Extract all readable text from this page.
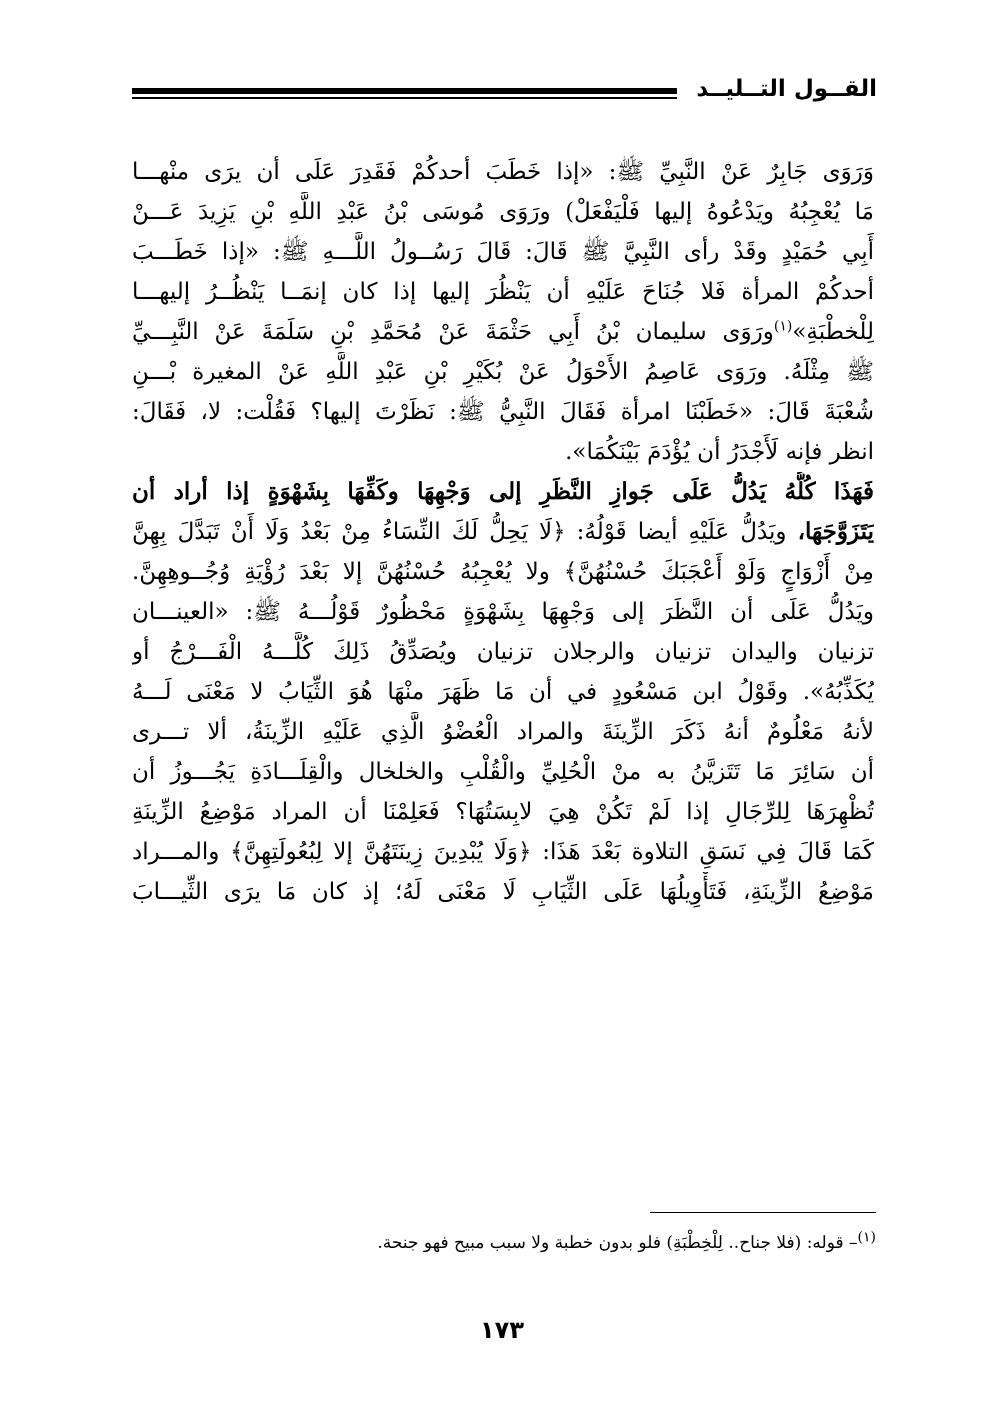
القــول التــليــد
وَرَوَى جَابِرٌ عَنْ النَّبِيِّ ﷺ: «إذا خَطَبَ أحدكُمْ فَقَدِرَ عَلَى أن يرَى منْهـــا
مَا يُعْجِبُهُ ويَدْعُوهُ إليها فَلْيَفْعَلْ) ورَوَى مُوسَى بْنُ عَبْدِ اللَّهِ بْنِ يَزِيدَ عَـــنْ
أَبِي حُمَيْدٍ وقَدْ رأى النَّبِيَّ ﷺ قَالَ: قَالَ رَسُــولُ اللَّـــهِ ﷺ: «إذا خَطَـــبَ
أحدكُمْ المرأة فَلا جُنَاحَ عَلَيْهِ أن يَنْظُرَ إليها إذا كان إنمَــا يَنْظُــرُ إليهـــا
لِلْخطْبَةِ»$^{(١)}$ورَوَى سليمان بْنُ أَبِي حَثْمَةَ عَنْ مُحَمَّدِ بْنِ سَلَمَةَ عَنْ النَّبِـــيِّ
ﷺ مِثْلَهُ. ورَوَى عَاصِمُ الأَحْوَلُ عَنْ بُكَيْرِ بْنِ عَبْدِ اللَّهِ عَنْ المغيرة بْـــنِ
شُعْبَةَ قَالَ: «خَطَبْنَا امرأة فَقَالَ النَّبِيُّ ﷺ: نَظَرْتَ إليها؟ فَقُلْت: لا، فَقَالَ:
انظر فإنه لَأَجْدَرُ أن يُؤْدَمَ بَيْنَكُمَا».
فَهَذَا كُلُّهُ يَدُلُّ عَلَى جَوازِ النَّظَرِ إلى وَجْهِهَا وكَفِّهَا بِشَهْوَةٍ إذا أراد أن
يَتَزَوَّجَهَا، ويَدُلُّ عَلَيْهِ أيضا قَوْلُهُ: ﴿لَا يَحِلُّ لَكَ النِّسَاءُ مِنْ بَعْدُ وَلَا أَنْ تَبَدَّلَ بِهِنَّ
مِنْ أَزْوَاجٍ وَلَوْ أَعْجَبَكَ حُسْنُهُنَّ﴾ ولا يُعْجِبُهُ حُسْنُهُنَّ إلا بَعْدَ رُؤْيَةِ وُجُــوهِهِنَّ.
ويَدُلُّ عَلَى أن النَّظَرَ إلى وَجْهِهَا بِشَهْوَةٍ مَحْظُورٌ قَوْلُـــهُ ﷺ: «العينـــان
تزنيان واليدان تزنيان والرجلان تزنيان ويُصَدِّقُ ذَلِكَ كُلَّـــهُ الْفَـــرْجُ أو
يُكَذِّبُهُ». وقَوْلُ ابن مَسْعُودٍ في أن مَا ظَهَرَ منْهَا هُوَ الثِّيَابُ لا مَعْنَى لَـــهُ
لأنهُ مَعْلُومٌ أنهُ ذَكَرَ الزِّينَةَ والمراد الْعُضْوُ الَّذِي عَلَيْهِ الزِّينَةُ، ألا تـــرى
أن سَائِرَ مَا تَتَزيَّنُ به منْ الْحُلِيِّ والْقُلْبِ والخلخال والْقِلَـــادَةِ يَجُـــوزُ أن
تُظْهِرَهَا لِلرِّجَالِ إذا لَمْ تَكُنْ هِيَ لابِسَتُهَا؟ فَعَلِمْنَا أن المراد مَوْضِعُ الزِّينَةِ
كَمَا قَالَ فِي نَسَقِ التلاوة بَعْدَ هَذَا: ﴿وَلَا يُبْدِينَ زِينَتَهُنَّ إلا لِبُعُولَتِهِنَّ﴾ والمـــراد
مَوْضِعُ الزِّينَةِ، فَتَأْوِيلُهَا عَلَى الثِّيَابِ لَا مَعْنَى لَهُ؛ إذ كان مَا يرَى الثِّيـــابَ
$^{(١)}$– قوله: (فلا جناح.. لِلْخِطْبَةِ) فلو بدون خطبة ولا سبب مبيح فهو جنحة.
١٧٣
